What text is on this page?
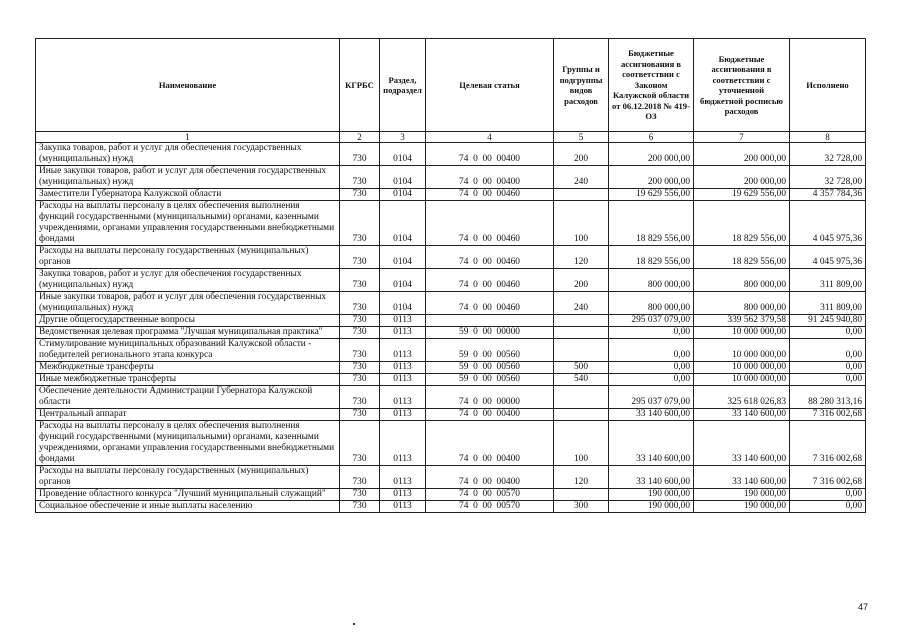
Наименование	КГРБС	Раздел, подраздел	Целевая статья	Группы и подгруппы видов расходов	Бюджетные ассигнования в соответствии с Законом Калужской области от 06.12.2018 № 419-ОЗ	Бюджетные ассигнования в соответствии с уточненной бюджетной росписью расходов	Исполнено
1	2	3	4	5	6	7	8
Закупка товаров, работ и услуг для обеспечения государственных (муниципальных) нужд	730	0104	74  0  00  00400	200	200 000,00	200 000,00	32 728,00
Иные закупки товаров, работ и услуг для обеспечения государственных (муниципальных) нужд	730	0104	74  0  00  00400	240	200 000,00	200 000,00	32 728,00
Заместители Губернатора Калужской области	730	0104	74  0  00  00460		19 629 556,00	19 629 556,00	4 357 784,36
Расходы на выплаты персоналу в целях обеспечения выполнения функций государственными (муниципальными) органами, казенными учреждениями, органами управления государственными внебюджетными фондами	730	0104	74  0  00  00460	100	18 829 556,00	18 829 556,00	4 045 975,36
Расходы на выплаты персоналу государственных (муниципальных) органов	730	0104	74  0  00  00460	120	18 829 556,00	18 829 556,00	4 045 975,36
Закупка товаров, работ и услуг для обеспечения государственных (муниципальных) нужд	730	0104	74  0  00  00460	200	800 000,00	800 000,00	311 809,00
Иные закупки товаров, работ и услуг для обеспечения государственных (муниципальных) нужд	730	0104	74  0  00  00460	240	800 000,00	800 000,00	311 809,00
Другие общегосударственные вопросы	730	0113			295 037 079,00	339 562 379,58	91 245 940,80
Ведомственная целевая программа "Лучшая муниципальная практика"	730	0113	59  0  00  00000		0,00	10 000 000,00	0,00
Стимулирование муниципальных образований Калужской области - победителей регионального этапа конкурса	730	0113	59  0  00  00560		0,00	10 000 000,00	0,00
Межбюджетные трансферты	730	0113	59  0  00  00560	500	0,00	10 000 000,00	0,00
Иные межбюджетные трансферты	730	0113	59  0  00  00560	540	0,00	10 000 000,00	0,00
Обеспечение деятельности Администрации Губернатора Калужской области	730	0113	74  0  00  00000		295 037 079,00	325 618 026,83	88 280 313,16
Центральный аппарат	730	0113	74  0  00  00400		33 140 600,00	33 140 600,00	7 316 002,68
Расходы на выплаты персоналу в целях обеспечения выполнения функций государственными (муниципальными) органами, казенными учреждениями, органами управления государственными внебюджетными фондами	730	0113	74  0  00  00400	100	33 140 600,00	33 140 600,00	7 316 002,68
Расходы на выплаты персоналу государственных (муниципальных) органов	730	0113	74  0  00  00400	120	33 140 600,00	33 140 600,00	7 316 002,68
Проведение областного конкурса "Лучший муниципальный служащий"	730	0113	74  0  00  00570		190 000,00	190 000,00	0,00
Социальное обеспечение и иные выплаты населению	730	0113	74  0  00  00570	300	190 000,00	190 000,00	0,00
47
